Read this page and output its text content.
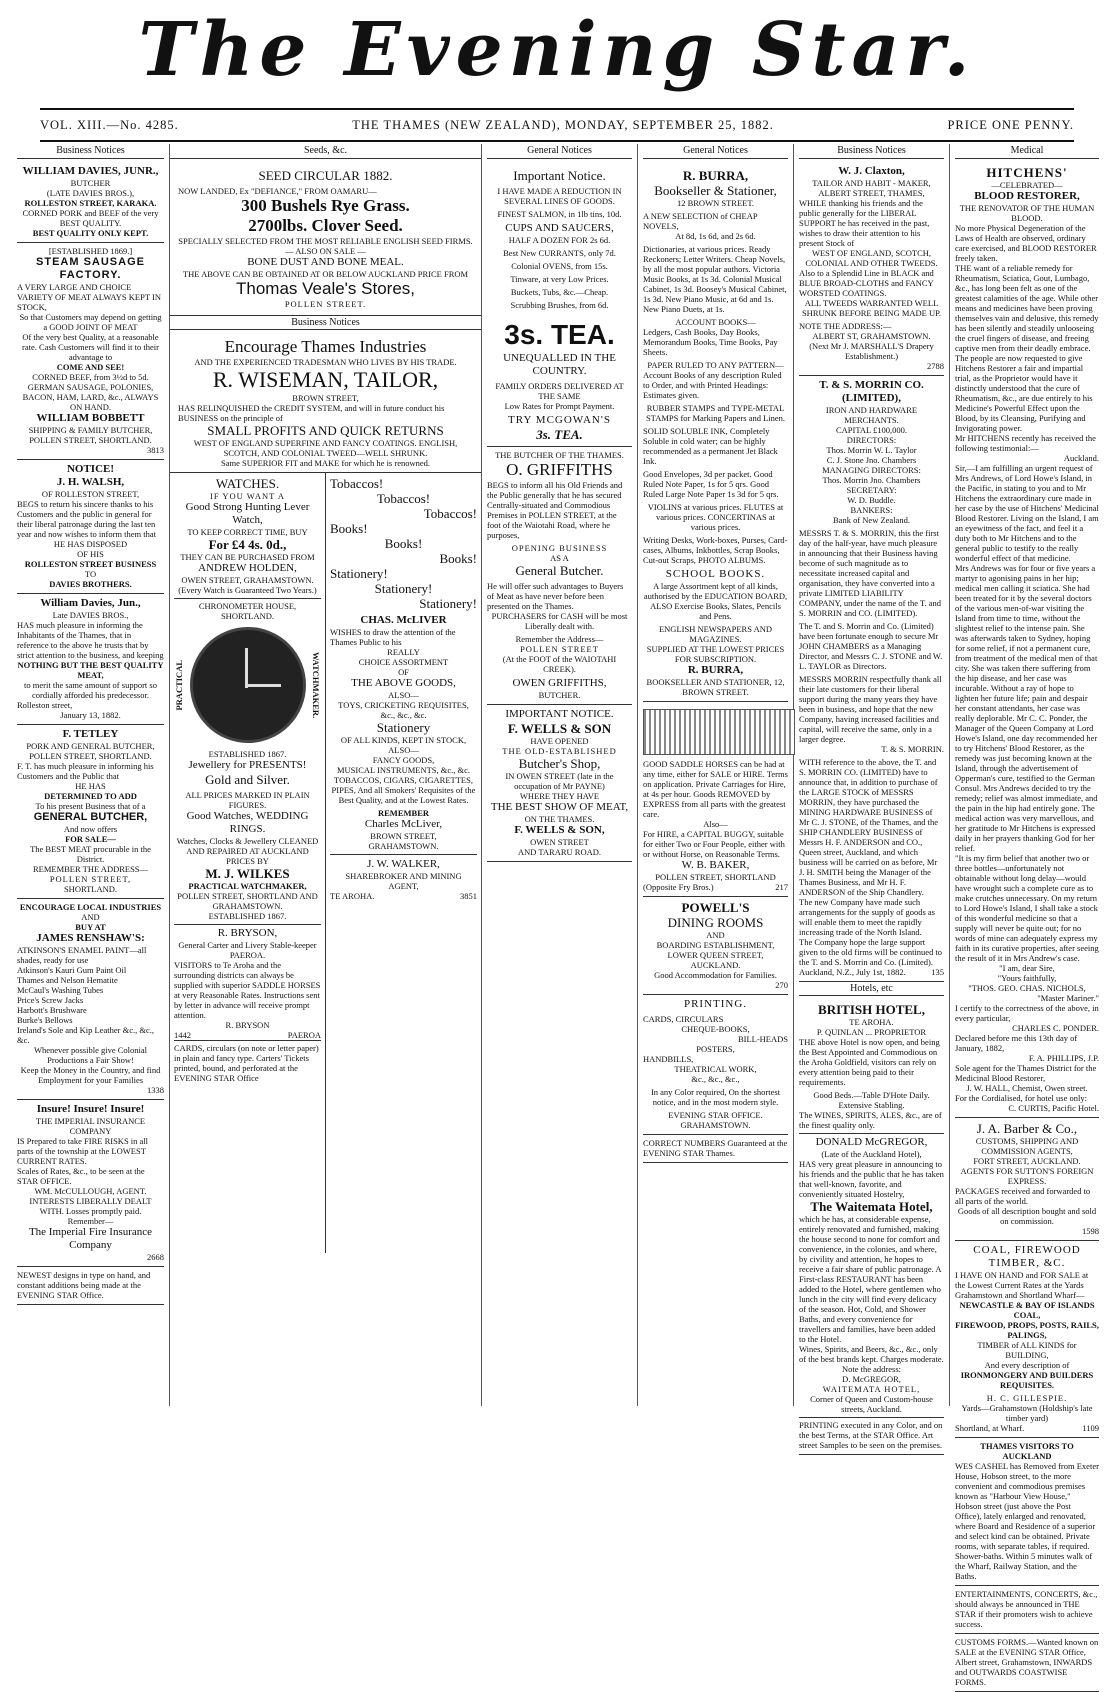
The Evening Star.
VOL. XIII.—No. 4285.	THE THAMES (NEW ZEALAND), MONDAY, SEPTEMBER 25, 1882.	PRICE ONE PENNY.
Business Notices
WILLIAM DAVIES, JUNR.,
BUTCHER
(LATE DAVIES BROS.),
ROLLESTON STREET, KARAKA.
CORNED PORK and BEEF of the very BEST QUALITY.
BEST QUALITY ONLY KEPT.
[ESTABLISHED 1869.]
STEAM SAUSAGE FACTORY.
A VERY LARGE AND CHOICE VARIETY OF MEAT ALWAYS KEPT IN STOCK,
So that Customers may depend on getting a GOOD JOINT OF MEAT
Of the very best Quality, at a reasonable rate. Cash Customers will find it to their advantage to
COME AND SEE!
CORNED BEEF, from 3½d to 5d.
GERMAN SAUSAGE, POLONIES, BACON, HAM, LARD, &c., ALWAYS ON HAND.
WILLIAM BOBBETT
SHIPPING & FAMILY BUTCHER, POLLEN STREET, SHORTLAND.
3813
NOTICE!
J. H. WALSH,
OF ROLLESTON STREET,
BEGS to return his sincere thanks to his Customers and the public in general for their liberal patronage during the last ten year and now wishes to inform them that
HE HAS DISPOSED
OF HIS
ROLLESTON STREET BUSINESS
TO
DAVIES BROTHERS.
William Davies, Jun.,
Late DAVIES BROS.,
HAS much pleasure in informing the Inhabitants of the Thames, that in reference to the above he trusts that by strict attention to the business, and keeping
NOTHING BUT THE BEST QUALITY MEAT,
to merit the same amount of support so cordially afforded his predecessor.
Rolleston street,
January 13, 1882.
F. TETLEY
PORK AND GENERAL BUTCHER,
POLLEN STREET, SHORTLAND.
F. T. has much pleasure in informing his Customers and the Public that
HE HAS
DETERMINED TO ADD
To his present Business that of a
GENERAL BUTCHER,
And now offers
FOR SALE—
The BEST MEAT procurable in the District.
REMEMBER THE ADDRESS—
POLLEN STREET,
SHORTLAND.
ENCOURAGE LOCAL INDUSTRIES
AND
BUY AT
JAMES RENSHAW'S:
ATKINSON'S ENAMEL PAINT—all shades, ready for use
Atkinson's Kauri Gum Paint Oil
Thames and Nelson Hematite
McCaul's Washing Tubes
Price's Screw Jacks
Harbott's Brushware
Burke's Bellows
Ireland's Sole and Kip Leather &c., &c., &c.
Whenever possible give Colonial Productions a Fair Show!
Keep the Money in the Country, and find Employment for your Families
1338
Insure! Insure! Insure!
THE IMPERIAL INSURANCE COMPANY
IS Prepared to take FIRE RISKS in all parts of the township at the LOWEST CURRENT RATES.
Scales of Rates, &c., to be seen at the STAR OFFICE.
WM. McCULLOUGH, AGENT.
INTERESTS LIBERALLY DEALT WITH. Losses promptly paid.
Remember—
The Imperial Fire Insurance Company
2668
NEWEST designs in type on hand, and constant additions being made at the EVENING STAR Office.
Seeds, &c.
SEED CIRCULAR 1882.
NOW LANDED, Ex "DEFIANCE," FROM OAMARU—
300 Bushels Rye Grass.
2700lbs. Clover Seed.
SPECIALLY SELECTED FROM THE MOST RELIABLE ENGLISH SEED FIRMS.
— ALSO ON SALE —
BONE DUST AND BONE MEAL.
THE ABOVE CAN BE OBTAINED AT OR BELOW AUCKLAND PRICE FROM
Thomas Veale's Stores,
POLLEN STREET.
Business Notices
Encourage Thames Industries
AND THE EXPERIENCED TRADESMAN WHO LIVES BY HIS TRADE.
R. WISEMAN, TAILOR,
BROWN STREET,
HAS RELINQUISHED the CREDIT SYSTEM, and will in future conduct his BUSINESS on the principle of
SMALL PROFITS AND QUICK RETURNS
WEST OF ENGLAND SUPERFINE AND FANCY COATINGS. ENGLISH, SCOTCH, AND COLONIAL TWEED—WELL SHRUNK.
Same SUPERIOR FIT and MAKE for which he is renowned.
WATCHES.
IF YOU WANT A
Good Strong Hunting Lever Watch,
TO KEEP CORRECT TIME, BUY
For £4 4s. 0d.,
THEY CAN BE PURCHASED FROM
ANDREW HOLDEN,
OWEN STREET, GRAHAMSTOWN.
(Every Watch is Guaranteed Two Years.)
CHRONOMETER HOUSE, SHORTLAND.
PRACTICAL	WATCHMAKER.
ESTABLISHED 1867.
Jewellery for PRESENTS!
Gold and Silver.
ALL PRICES MARKED IN PLAIN FIGURES.
Good Watches, WEDDING RINGS.
Watches, Clocks & Jewellery CLEANED AND REPAIRED AT AUCKLAND PRICES BY
M. J. WILKES
PRACTICAL WATCHMAKER,
POLLEN STREET, SHORTLAND AND GRAHAMSTOWN.
ESTABLISHED 1867.
R. BRYSON,
General Carter and Livery Stable-keeper PAEROA.
VISITORS to Te Aroha and the surrounding districts can always be supplied with superior SADDLE HORSES at very Reasonable Rates. Instructions sent by letter in advance will receive prompt attention.
R. BRYSON
1442	PAEROA
CARDS, circulars (on note or letter paper) in plain and fancy type. Carters' Tickets printed, bound, and perforated at the EVENING STAR Office
Tobaccos!
Tobaccos!
Tobaccos!
Books!
Books!
Books!
Stationery!
Stationery!
Stationery!
CHAS. McLIVER
WISHES to draw the attention of the Thames Public to his
REALLY
CHOICE ASSORTMENT
OF
THE ABOVE GOODS,
ALSO—
TOYS, CRICKETING REQUISITES, &c., &c., &c.
Stationery
OF ALL KINDS, KEPT IN STOCK,
ALSO—
FANCY GOODS,
MUSICAL INSTRUMENTS, &c., &c.
TOBACCOS, CIGARS, CIGARETTES, PIPES, And all Smokers' Requisites of the Best Quality, and at the Lowest Rates.
REMEMBER
Charles McLiver,
BROWN STREET,
GRAHAMSTOWN.
J. W. WALKER,
SHAREBROKER AND MINING AGENT,
TE AROHA.	3851
General Notices
Important Notice.
I HAVE MADE A REDUCTION IN SEVERAL LINES OF GOODS.
FINEST SALMON, in 1lb tins, 10d.
CUPS AND SAUCERS,
HALF A DOZEN FOR 2s 6d.
Best New CURRANTS, only 7d.
Colonial OVENS, from 15s.
Tinware, at very Low Prices.
Buckets, Tubs, &c.—Cheap.
Scrubbing Brushes, from 6d.
3s. TEA.
UNEQUALLED IN THE COUNTRY.
FAMILY ORDERS DELIVERED AT THE SAME
Low Rates for Prompt Payment.
TRY MCGOWAN'S
3s. TEA.
THE BUTCHER OF THE THAMES.
O. GRIFFITHS
BEGS to inform all his Old Friends and the Public generally that he has secured Centrally-situated and Commodious Premises in POLLEN STREET, at the foot of the Waiotahi Road, where he purposes,
OPENING BUSINESS
AS A
General Butcher.
He will offer such advantages to Buyers of Meat as have never before been presented on the Thames.
PURCHASERS for CASH will be most Liberally dealt with.
Remember the Address—
POLLEN STREET
(At the FOOT of the WAIOTAHI CREEK).
OWEN GRIFFITHS,
BUTCHER.
IMPORTANT NOTICE.
F. WELLS & SON
HAVE OPENED
THE OLD-ESTABLISHED
Butcher's Shop,
IN OWEN STREET (late in the occupation of Mr PAYNE)
WHERE THEY HAVE
THE BEST SHOW OF MEAT,
ON THE THAMES.
F. WELLS & SON,
OWEN STREET
AND TARARU ROAD.
General Notices
R. BURRA,
Bookseller & Stationer,
12 BROWN STREET.
A NEW SELECTION of CHEAP NOVELS,
At 8d, 1s 6d, and 2s 6d.
Dictionaries, at various prices. Ready Reckoners; Letter Writers. Cheap Novels, by all the most popular authors. Victoria Music Books, at 1s 3d. Colonial Musical Cabinet, 1s 3d. Boosey's Musical Cabinet, 1s 3d. New Piano Music, at 6d and 1s. New Piano Duets, at 1s.
ACCOUNT BOOKS—
Ledgers, Cash Books, Day Books, Memorandum Books, Time Books, Pay Sheets.
PAPER RULED TO ANY PATTERN—
Account Books of any description Ruled to Order, and with Printed Headings: Estimates given.
RUBBER STAMPS and TYPE-METAL STAMPS for Marking Papers and Linen.
SOLID SOLUBLE INK, Completely Soluble in cold water; can be highly recommended as a permanent Jet Black Ink.
Good Envelopes, 3d per packet. Good Ruled Note Paper, 1s for 5 qrs. Good Ruled Large Note Paper 1s 3d for 5 qrs.
VIOLINS at various prices. FLUTES at various prices. CONCERTINAS at various prices.
Writing Desks, Work-boxes, Purses, Card-cases, Albums, Inkbottles, Scrap Books, Cut-out Scraps, PHOTO ALBUMS.
SCHOOL BOOKS.
A large Assortment kept of all kinds, authorised by the EDUCATION BOARD, ALSO Exercise Books, Slates, Pencils and Pens.
ENGLISH NEWSPAPERS AND MAGAZINES.
SUPPLIED AT THE LOWEST PRICES FOR SUBSCRIPTION.
R. BURRA,
BOOKSELLER AND STATIONER, 12, BROWN STREET.
GOOD SADDLE HORSES can be had at any time, either for SALE or HIRE. Terms on application. Private Carriages for Hire, at 4s per hour. Goods REMOVED by EXPRESS from all parts with the greatest care.
Also—
For HIRE, a CAPITAL BUGGY, suitable for either Two or Four People, either with or without Horse, on Reasonable Terms.
W. B. BAKER,
POLLEN STREET, SHORTLAND
(Opposite Fry Bros.)	217
POWELL'S
DINING ROOMS
AND
BOARDING ESTABLISHMENT,
LOWER QUEEN STREET, AUCKLAND.
Good Accommodation for Families.
270
PRINTING.
CARDS, CIRCULARS
CHEQUE-BOOKS,
BILL-HEADS
POSTERS,
HANDBILLS,
THEATRICAL WORK,
&c., &c., &c.,
In any Color required, On the shortest notice, and in the most modern style.
EVENING STAR OFFICE.
GRAHAMSTOWN.
CORRECT NUMBERS Guaranteed at the EVENING STAR Thames.
Business Notices
W. J. Claxton,
TAILOR AND HABIT - MAKER,
ALBERT STREET, THAMES,
WHILE thanking his friends and the public generally for the LIBERAL SUPPORT he has received in the past, wishes to draw their attention to his present Stock of
WEST OF ENGLAND, SCOTCH, COLONIAL AND OTHER TWEEDS.
Also to a Splendid Line in BLACK and BLUE BROAD-CLOTHS and FANCY WORSTED COATINGS.
ALL TWEEDS WARRANTED WELL SHRUNK BEFORE BEING MADE UP.
NOTE THE ADDRESS:—
ALBERT ST, GRAHAMSTOWN.
(Next Mr J. MARSHALL'S Drapery Establishment.)
2788
T. & S. MORRIN CO. (LIMITED),
IRON AND HARDWARE MERCHANTS.
CAPITAL £100,000.
DIRECTORS:
Thos. Morrin W. L. Taylor
C. J. Stone Jno. Chambers
MANAGING DIRECTORS:
Thos. Morrin Jno. Chambers
SECRETARY:
W. D. Buddle.
BANKERS:
Bank of New Zealand.
MESSRS T. & S. MORRIN, this the first day of the half-year, have much pleasure in announcing that their Business having become of such magnitude as to necessitate increased capital and organisation, they have converted into a private LIMITED LIABILITY COMPANY, under the name of the T. and S. MORRIN and CO. (LIMITED).
The T. and S. Morrin and Co. (Limited) have been fortunate enough to secure Mr JOHN CHAMBERS as a Managing Director, and Messrs C. J. STONE and W. L. TAYLOR as Directors.
MESSRS MORRIN respectfully thank all their late customers for their liberal support during the many years they have been in business, and hope that the new Company, having increased facilities and capital, will receive the same, only in a larger degree.
T. & S. MORRIN.
WITH reference to the above, the T. and S. MORRIN CO. (LIMITED) have to announce that, in addition to purchase of the LARGE STOCK of MESSRS MORRIN, they have purchased the MINING HARDWARE BUSINESS of Mr C. J. STONE, of the Thames, and the SHIP CHANDLERY BUSINESS of Messrs H. F. ANDERSON and CO., Queen street, Auckland, and which business will be carried on as before, Mr J. H. SMITH being the Manager of the Thames Business, and Mr H. F. ANDERSON of the Ship Chandlery.
The new Company have made such arrangements for the supply of goods as will enable them to meet the rapidly increasing trade of the North Island.
The Company hope the large support given to the old firms will be continued to the T. and S. Morrin and Co. (Limited).
Auckland, N.Z., July 1st, 1882.	135
Hotels, etc
BRITISH HOTEL,
TE AROHA.
P. QUINLAN ... PROPRIETOR
THE above Hotel is now open, and being the Best Appointed and Commodious on the Aroha Goldfield, visitors can rely on every attention being paid to their requirements.
Good Beds.—Table D'Hote Daily.
Extensive Stabling.
The WINES, SPIRITS, ALES, &c., are of the finest quality only.
DONALD McGREGOR,
(Late of the Auckland Hotel),
HAS very great pleasure in announcing to his friends and the public that he has taken that well-known, favorite, and conveniently situated Hostelry,
The Waitemata Hotel,
which he has, at considerable expense, entirely renovated and furnished, making the house second to none for comfort and convenience, in the colonies, and where, by civility and attention, he hopes to receive a fair share of public patronage. A First-class RESTAURANT has been added to the Hotel, where gentlemen who lunch in the city will find every delicacy of the season. Hot, Cold, and Shower Baths, and every convenience for travellers and families, have been added to the Hotel.
Wines, Spirits, and Beers, &c., &c., only of the best brands kept. Charges moderate.
Note the address:
D. McGREGOR,
WAITEMATA HOTEL,
Corner of Queen and Custom-house streets, Auckland.
PRINTING executed in any Color, and on the best Terms, at the STAR Office. Art street Samples to be seen on the premises.
Medical
HITCHENS'
—CELEBRATED—
BLOOD RESTORER,
THE RENOVATOR OF THE HUMAN BLOOD.
No more Physical Degeneration of the Laws of Health are observed, ordinary care exercised, and BLOOD RESTORER freely taken.
THE want of a reliable remedy for Rheumatism, Sciatica, Gout, Lumbago, &c., has long been felt as one of the greatest calamities of the age. While other means and medicines have been proving themselves vain and delusive, this remedy has been silently and steadily unlooseing the cruel fingers of disease, and freeing captive men from their deadly embrace. The people are now requested to give Hitchens Restorer a fair and impartial trial, as the Proprietor would have it distinctly understood that the cure of Rheumatism, &c., are due entirely to his Medicine's Powerful Effect upon the Blood, by its Cleansing, Purifying and Invigorating power.
Mr HITCHENS recently has received the following testimonial:—
Auckland.
Sir,—I am fulfilling an urgent request of Mrs Andrews, of Lord Howe's Island, in the Pacific, in stating to you and to Mr Hitchens the extraordinary cure made in her case by the use of Hitchens' Medicinal Blood Restorer. Living on the Island, I am an eyewitness of the fact, and feel it a duty both to Mr Hitchens and to the general public to testify to the really wonderful effect of that medicine.
Mrs Andrews was for four or five years a martyr to agonising pains in her hip; medical men calling it sciatica. She had been treated for it by the several doctors of the various men-of-war visiting the Island from time to time, without the slightest relief to the intense pain. She was afterwards taken to Sydney, hoping for some relief, if not a permanent cure, from treatment of the medical men of that city. She was taken there suffering from the hip disease, and her case was incurable. Without a ray of hope to lighten her future life; pain and despair her constant attendants, her case was really deplorable. Mr C. C. Ponder, the Manager of the Queen Company at Lord Howe's Island, one day recommended her to try Hitchens' Blood Restorer, as the remedy was just becoming known at the Island, through the advertisement of Opperman's cure, testified to the German Consul. Mrs Andrews decided to try the remedy; relief was almost immediate, and the pain in the hip had entirely gone. The medical action was very marvellous, and her gratitude to Mr Hitchens is expressed daily in her prayers thanking God for her relief.
"It is my firm belief that another two or three bottles—unfortunately not obtainable without long delay—would have wrought such a complete cure as to make crutches unnecessary. On my return to Lord Howe's Island, I shall take a stock of this wonderful medicine so that a supply will never be quite out; for no words of mine can adequately express my faith in its curative properties, after seeing the result of it in Mrs Andrew's case.
"I am, dear Sire,
"Yours faithfully,
"THOS. GEO. CHAS. NICHOLS,
"Master Mariner."
I certify to the correctness of the above, in every particular,
CHARLES C. PONDER.
Declared before me this 13th day of January, 1882,
F. A. PHILLIPS, J.P.
Sole agent for the Thames District for the Medicinal Blood Restorer,
J. W. HALL, Chemist, Owen street.
For the Cordialised, for hotel use only:
C. CURTIS, Pacific Hotel.
J. A. Barber & Co.,
CUSTOMS, SHIPPING AND COMMISSION AGENTS,
FORT STREET, AUCKLAND.
AGENTS FOR SUTTON'S FOREIGN EXPRESS.
PACKAGES received and forwarded to all parts of the world.
Goods of all description bought and sold on commission.
1598
COAL, FIREWOOD TIMBER, &C.
I HAVE ON HAND and FOR SALE at the Lowest Current Rates at the Yards Grahamstown and Shortland Wharf—
NEWCASTLE & BAY OF ISLANDS COAL,
FIREWOOD, PROPS, POSTS, RAILS, PALINGS,
TIMBER of ALL KINDS for BUILDING,
And every description of
IRONMONGERY AND BUILDERS REQUISITES.
H. C. GILLESPIE.
Yards—Grahamstown (Holdship's late timber yard)
Shortland, at Wharf.	1109
THAMES VISITORS TO AUCKLAND
WES CASHEL has Removed from Exeter House, Hobson street, to the more convenient and commodious premises known as "Harbour View House," Hobson street (just above the Post Office), lately enlarged and renovated, where Board and Residence of a superior and select kind can be obtained. Private rooms, with separate tables, if required. Shower-baths. Within 5 minutes walk of the Wharf, Railway Station, and the Baths.
ENTERTAINMENTS, CONCERTS, &c., should always be announced in THE STAR if their promoters wish to achieve success.
CUSTOMS FORMS.—Wanted known on SALE at the EVENING STAR Office, Albert street, Grahamstown, INWARDS and OUTWARDS COASTWISE FORMS.
